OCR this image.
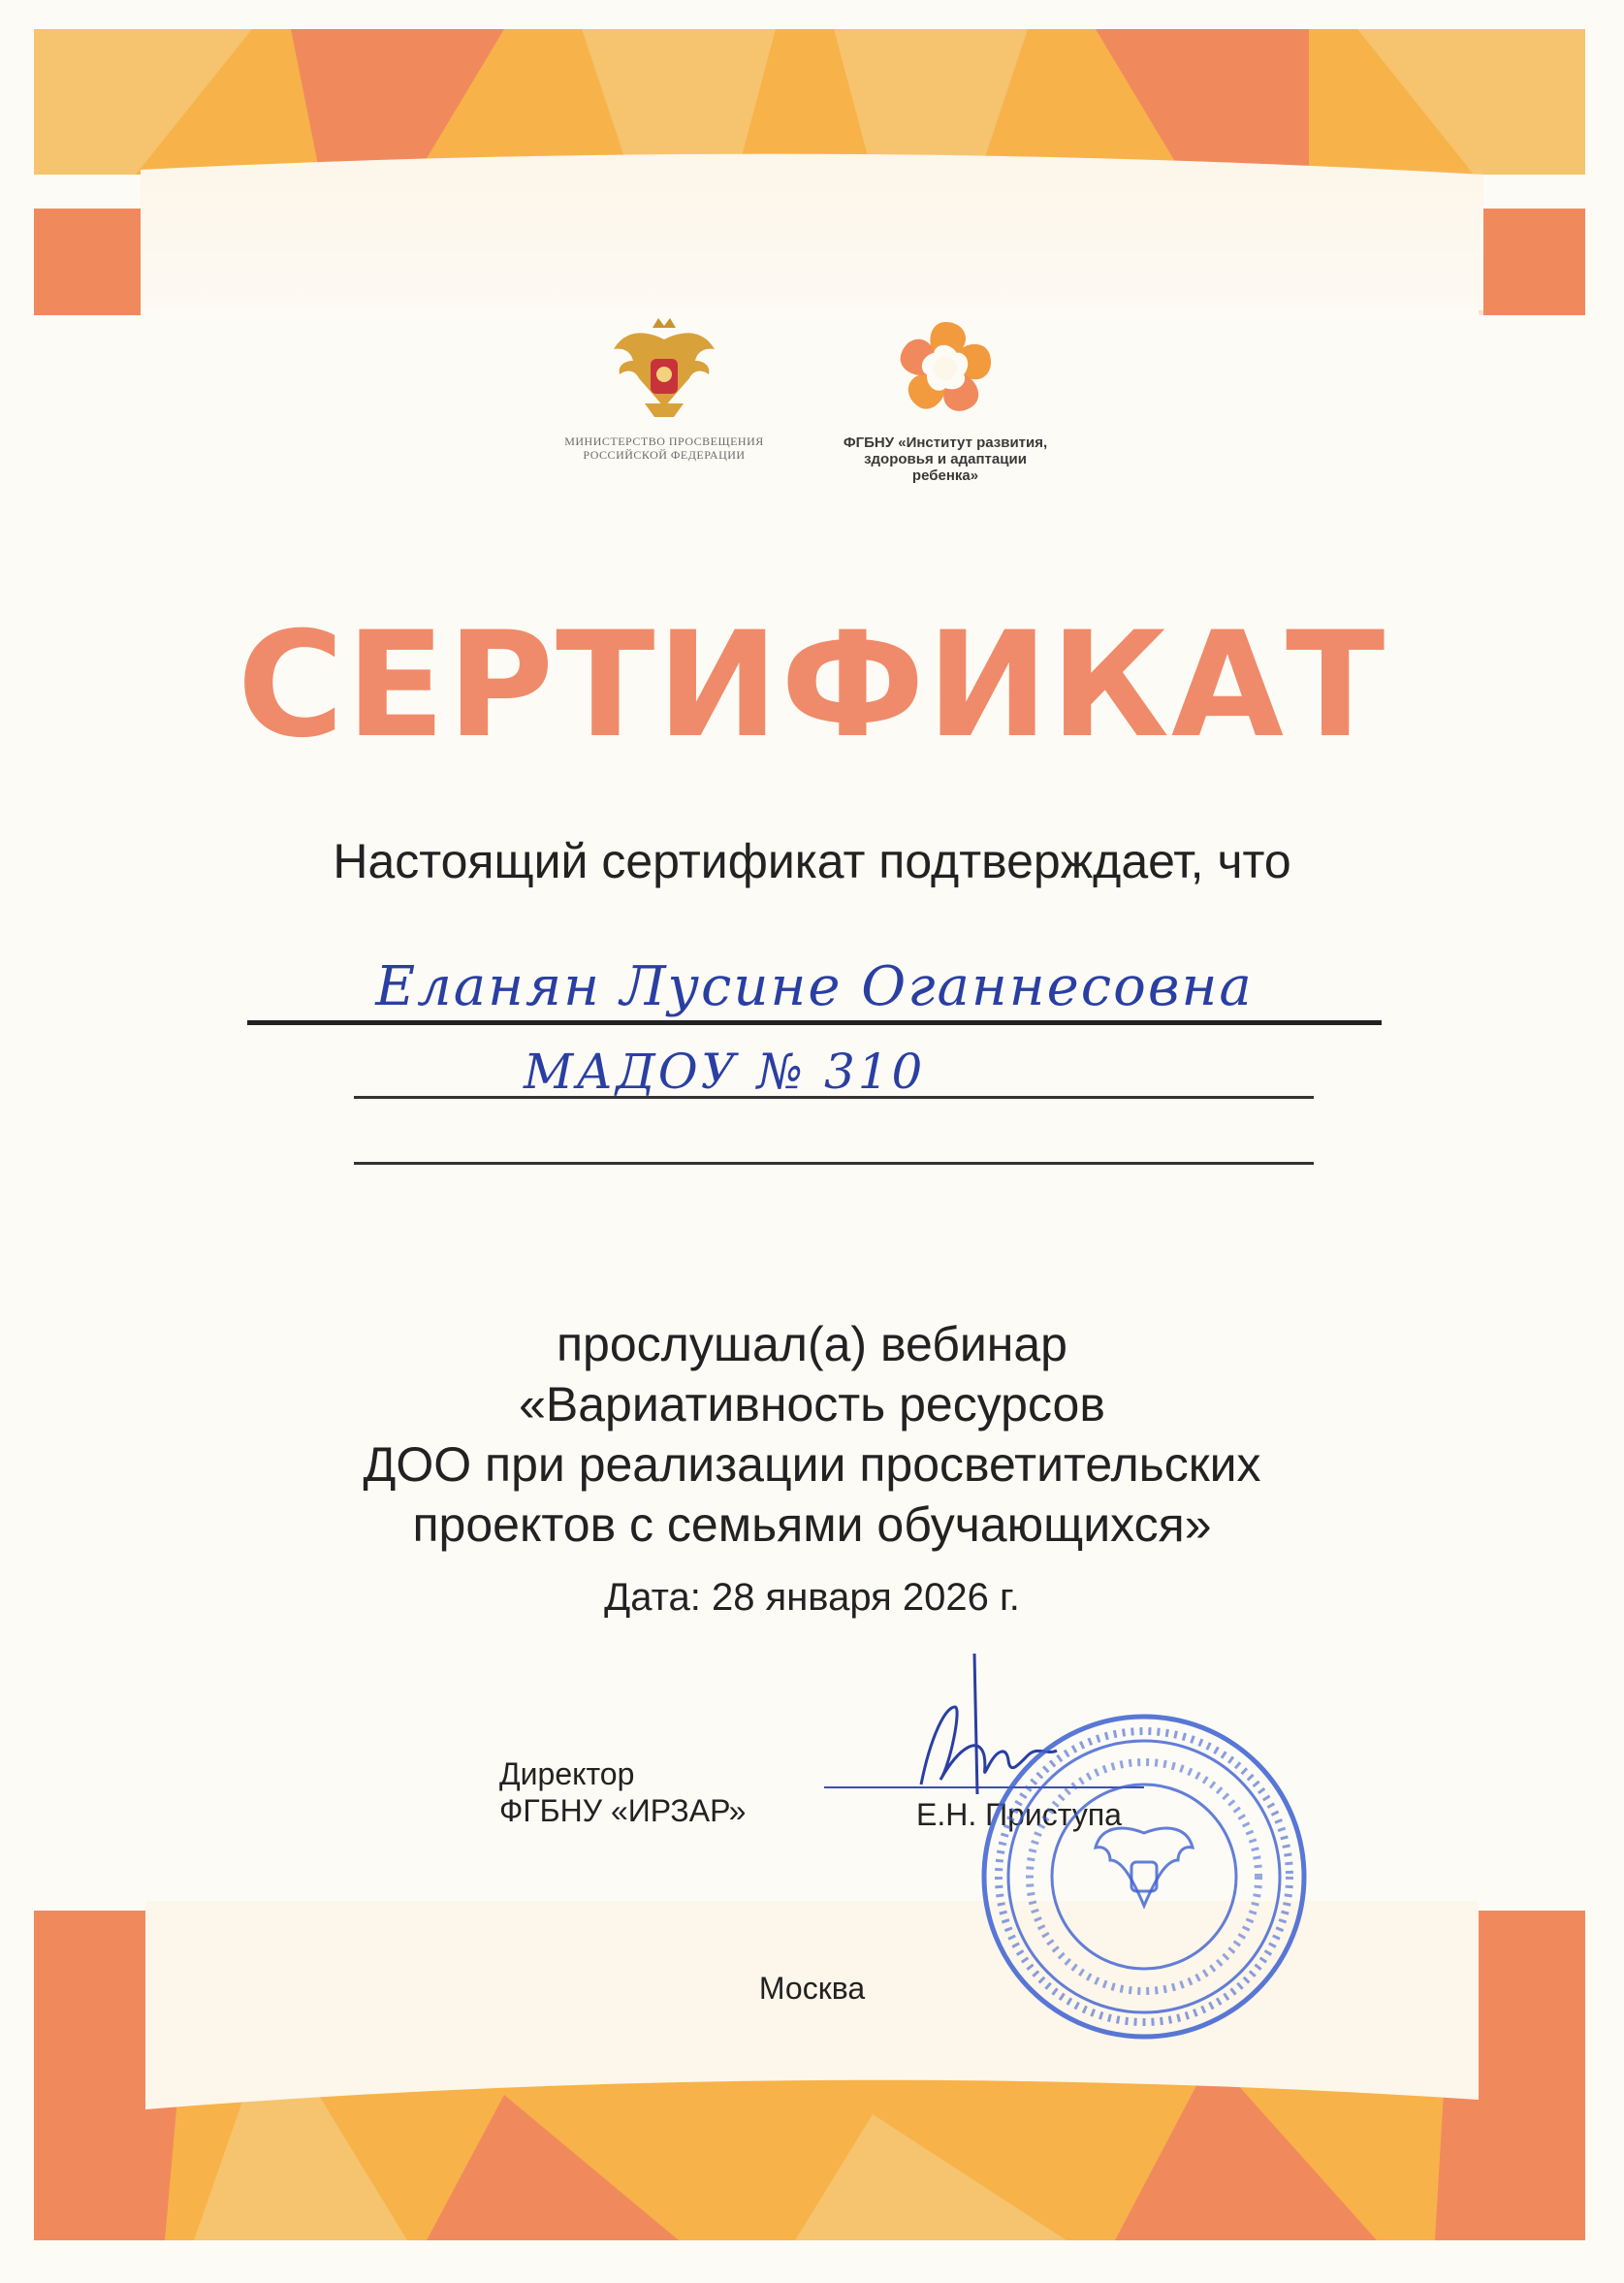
МИНИСТЕРСТВО ПРОСВЕЩЕНИЯ
РОССИЙСКОЙ ФЕДЕРАЦИИ
ФГБНУ «Институт развития,
здоровья и адаптации
ребенка»
СЕРТИФИКАТ
Настоящий сертификат подтверждает, что
Еланян Лусине Оганнесовна
МАДОУ № 310
прослушал(а) вебинар
«Вариативность ресурсов
ДОО при реализации просветительских
проектов с семьями обучающихся»
Дата: 28 января 2026 г.
Директор
ФГБНУ «ИРЗАР»	Е.Н. Приступа
Москва
